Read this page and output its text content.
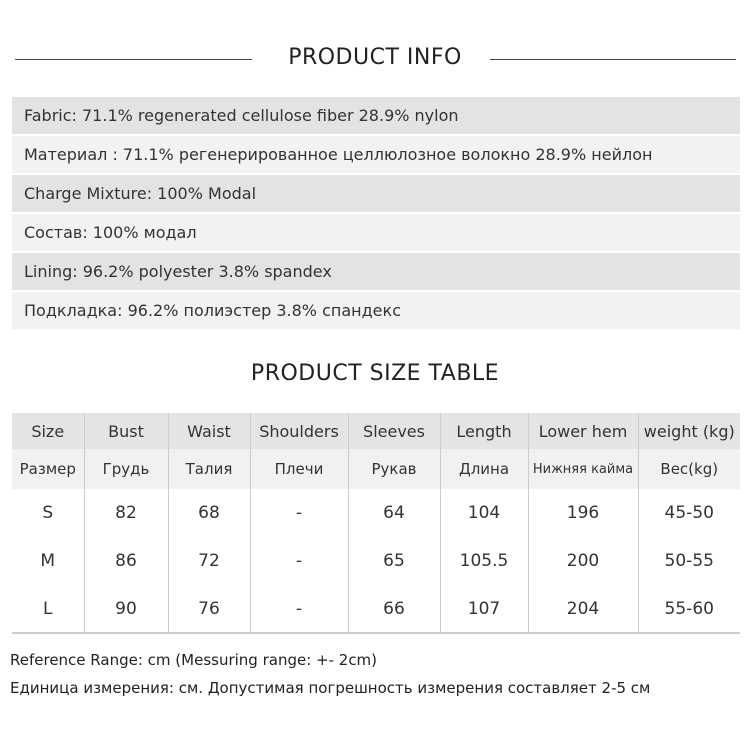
PRODUCT INFO
Fabric: 71.1% regenerated cellulose fiber 28.9% nylon
Материал : 71.1% регенерированное целлюлозное волокно 28.9% нейлон
Charge Mixture: 100% Modal
Состав: 100% модал
Lining: 96.2% polyester 3.8% spandex
Подкладка: 96.2% полиэстер 3.8% спандекс
PRODUCT SIZE TABLE
Size	Bust	Waist	Shoulders	Sleeves	Length	Lower hem	weight (kg)
Размер	Грудь	Талия	Плечи	Рукав	Длина	Нижняя кайма	Вес(kg)
S	82	68	-	64	104	196	45-50
M	86	72	-	65	105.5	200	50-55
L	90	76	-	66	107	204	55-60
Reference Range: cm (Messuring range: +- 2cm)
Единица измерения: см. Допустимая погрешность измерения составляет 2-5 см
